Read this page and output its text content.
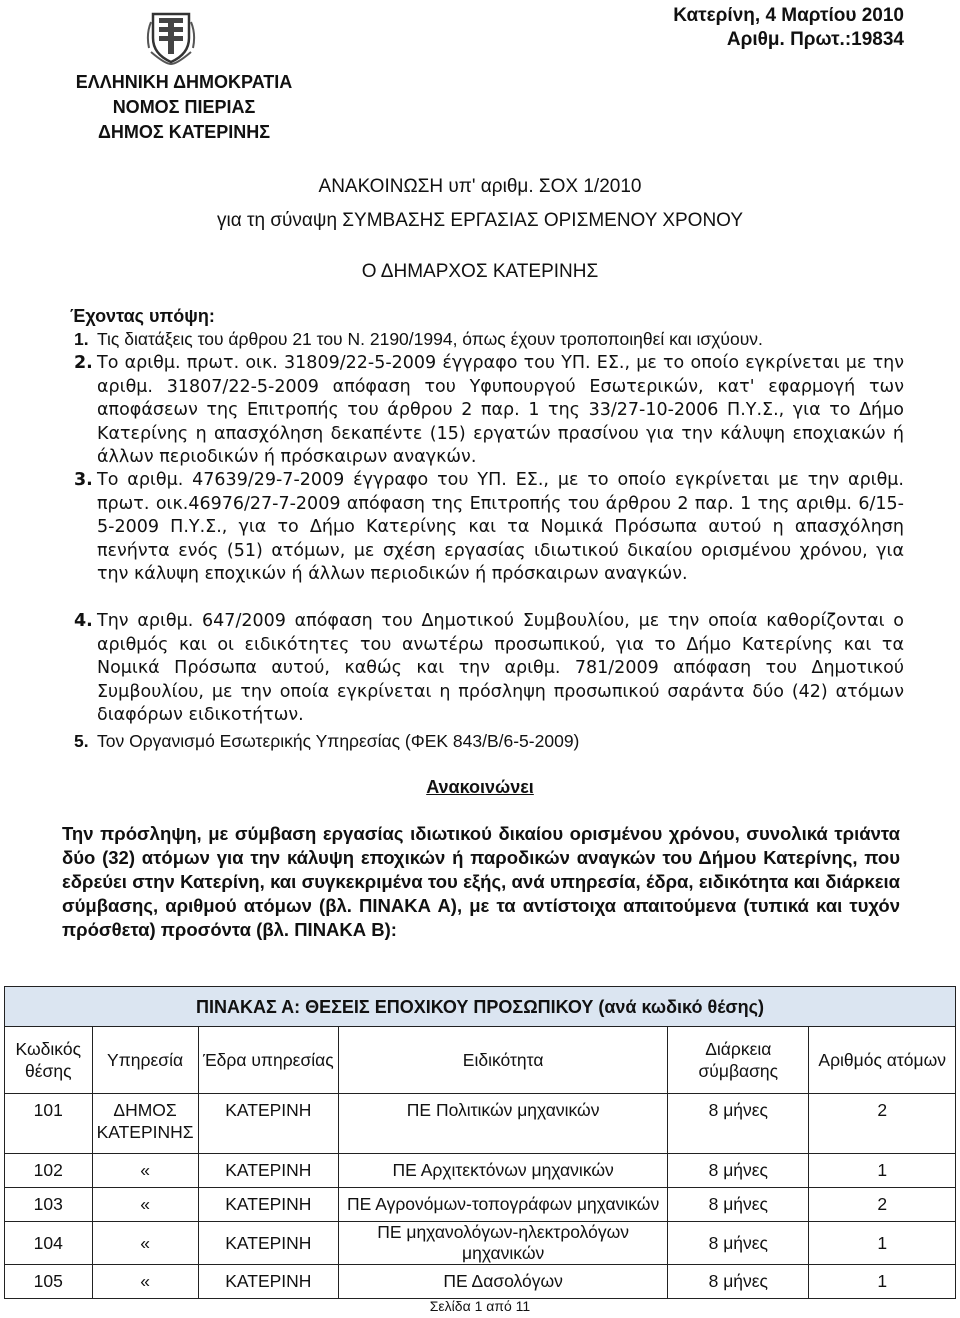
Κατερίνη, 4 Μαρτίου 2010
Αριθμ. Πρωτ.:19834
ΕΛΛΗΝΙΚΗ ΔΗΜΟΚΡΑΤΙΑ
ΝΟΜΟΣ ΠΙΕΡΙΑΣ
ΔΗΜΟΣ ΚΑΤΕΡΙΝΗΣ
ΑΝΑΚΟΙΝΩΣΗ υπ' αριθμ. ΣΟΧ 1/2010
για τη σύναψη ΣΥΜΒΑΣΗΣ ΕΡΓΑΣΙΑΣ ΟΡΙΣΜΕΝΟΥ ΧΡΟΝΟΥ
Ο ΔΗΜΑΡΧΟΣ ΚΑΤΕΡΙΝΗΣ
Έχοντας υπόψη:
1. Τις διατάξεις του άρθρου 21 του Ν. 2190/1994, όπως έχουν τροποποιηθεί και ισχύουν.
2. Το αριθμ. πρωτ. οικ. 31809/22-5-2009 έγγραφο του ΥΠ. ΕΣ., με το οποίο εγκρίνεται με την αριθμ. 31807/22-5-2009 απόφαση του Υφυπουργού Εσωτερικών, κατ' εφαρμογή των αποφάσεων της Επιτροπής του άρθρου 2 παρ. 1 της 33/27-10-2006 Π.Υ.Σ., για το Δήμο Κατερίνης η απασχόληση δεκαπέντε (15) εργατών πρασίνου για την κάλυψη εποχιακών ή άλλων περιοδικών ή πρόσκαιρων αναγκών.
3. Το αριθμ. 47639/29-7-2009 έγγραφο του ΥΠ. ΕΣ., με το οποίο εγκρίνεται με την αριθμ. πρωτ. οικ.46976/27-7-2009 απόφαση της Επιτροπής του άρθρου 2 παρ. 1 της αριθμ. 6/15-5-2009 Π.Υ.Σ., για το Δήμο Κατερίνης και τα Νομικά Πρόσωπα αυτού η απασχόληση πενήντα ενός (51) ατόμων, με σχέση εργασίας ιδιωτικού δικαίου ορισμένου χρόνου, για την κάλυψη εποχικών ή άλλων περιοδικών ή πρόσκαιρων αναγκών.
4. Την αριθμ. 647/2009 απόφαση του Δημοτικού Συμβουλίου, με την οποία καθορίζονται ο αριθμός και οι ειδικότητες του ανωτέρω προσωπικού, για το Δήμο Κατερίνης και τα Νομικά Πρόσωπα αυτού, καθώς και την αριθμ. 781/2009 απόφαση του Δημοτικού Συμβουλίου, με την οποία εγκρίνεται η πρόσληψη προσωπικού σαράντα δύο (42) ατόμων διαφόρων ειδικοτήτων.
5. Τον Οργανισμό Εσωτερικής Υπηρεσίας (ΦΕΚ 843/Β/6-5-2009)
Ανακοινώνει
Την πρόσληψη, με σύμβαση εργασίας ιδιωτικού δικαίου ορισμένου χρόνου, συνολικά τριάντα δύο (32) ατόμων για την κάλυψη εποχικών ή παροδικών αναγκών του Δήμου Κατερίνης, που εδρεύει στην Κατερίνη, και συγκεκριμένα του εξής, ανά υπηρεσία, έδρα, ειδικότητα και διάρκεια σύμβασης, αριθμού ατόμων (βλ. ΠΙΝΑΚΑ Α), με τα αντίστοιχα απαιτούμενα (τυπικά και τυχόν πρόσθετα) προσόντα (βλ. ΠΙΝΑΚΑ Β):
ΠΙΝΑΚΑΣ Α: ΘΕΣΕΙΣ ΕΠΟΧΙΚΟΥ ΠΡΟΣΩΠΙΚΟΥ (ανά κωδικό θέσης)					
Κωδικός θέσης	Υπηρεσία	Έδρα υπηρεσίας	Ειδικότητα	Διάρκεια σύμβασης	Αριθμός ατόμων
101	ΔΗΜΟΣ ΚΑΤΕΡΙΝΗΣ	ΚΑΤΕΡΙΝΗ	ΠΕ Πολιτικών μηχανικών	8 μήνες	2
102	«	ΚΑΤΕΡΙΝΗ	ΠΕ Αρχιτεκτόνων μηχανικών	8 μήνες	1
103	«	ΚΑΤΕΡΙΝΗ	ΠΕ Αγρονόμων-τοπογράφων μηχανικών	8 μήνες	2
104	«	ΚΑΤΕΡΙΝΗ	ΠΕ μηχανολόγων-ηλεκτρολόγων μηχανικών	8 μήνες	1
105	«	ΚΑΤΕΡΙΝΗ	ΠΕ Δασολόγων	8 μήνες	1
Σελίδα 1 από 11
